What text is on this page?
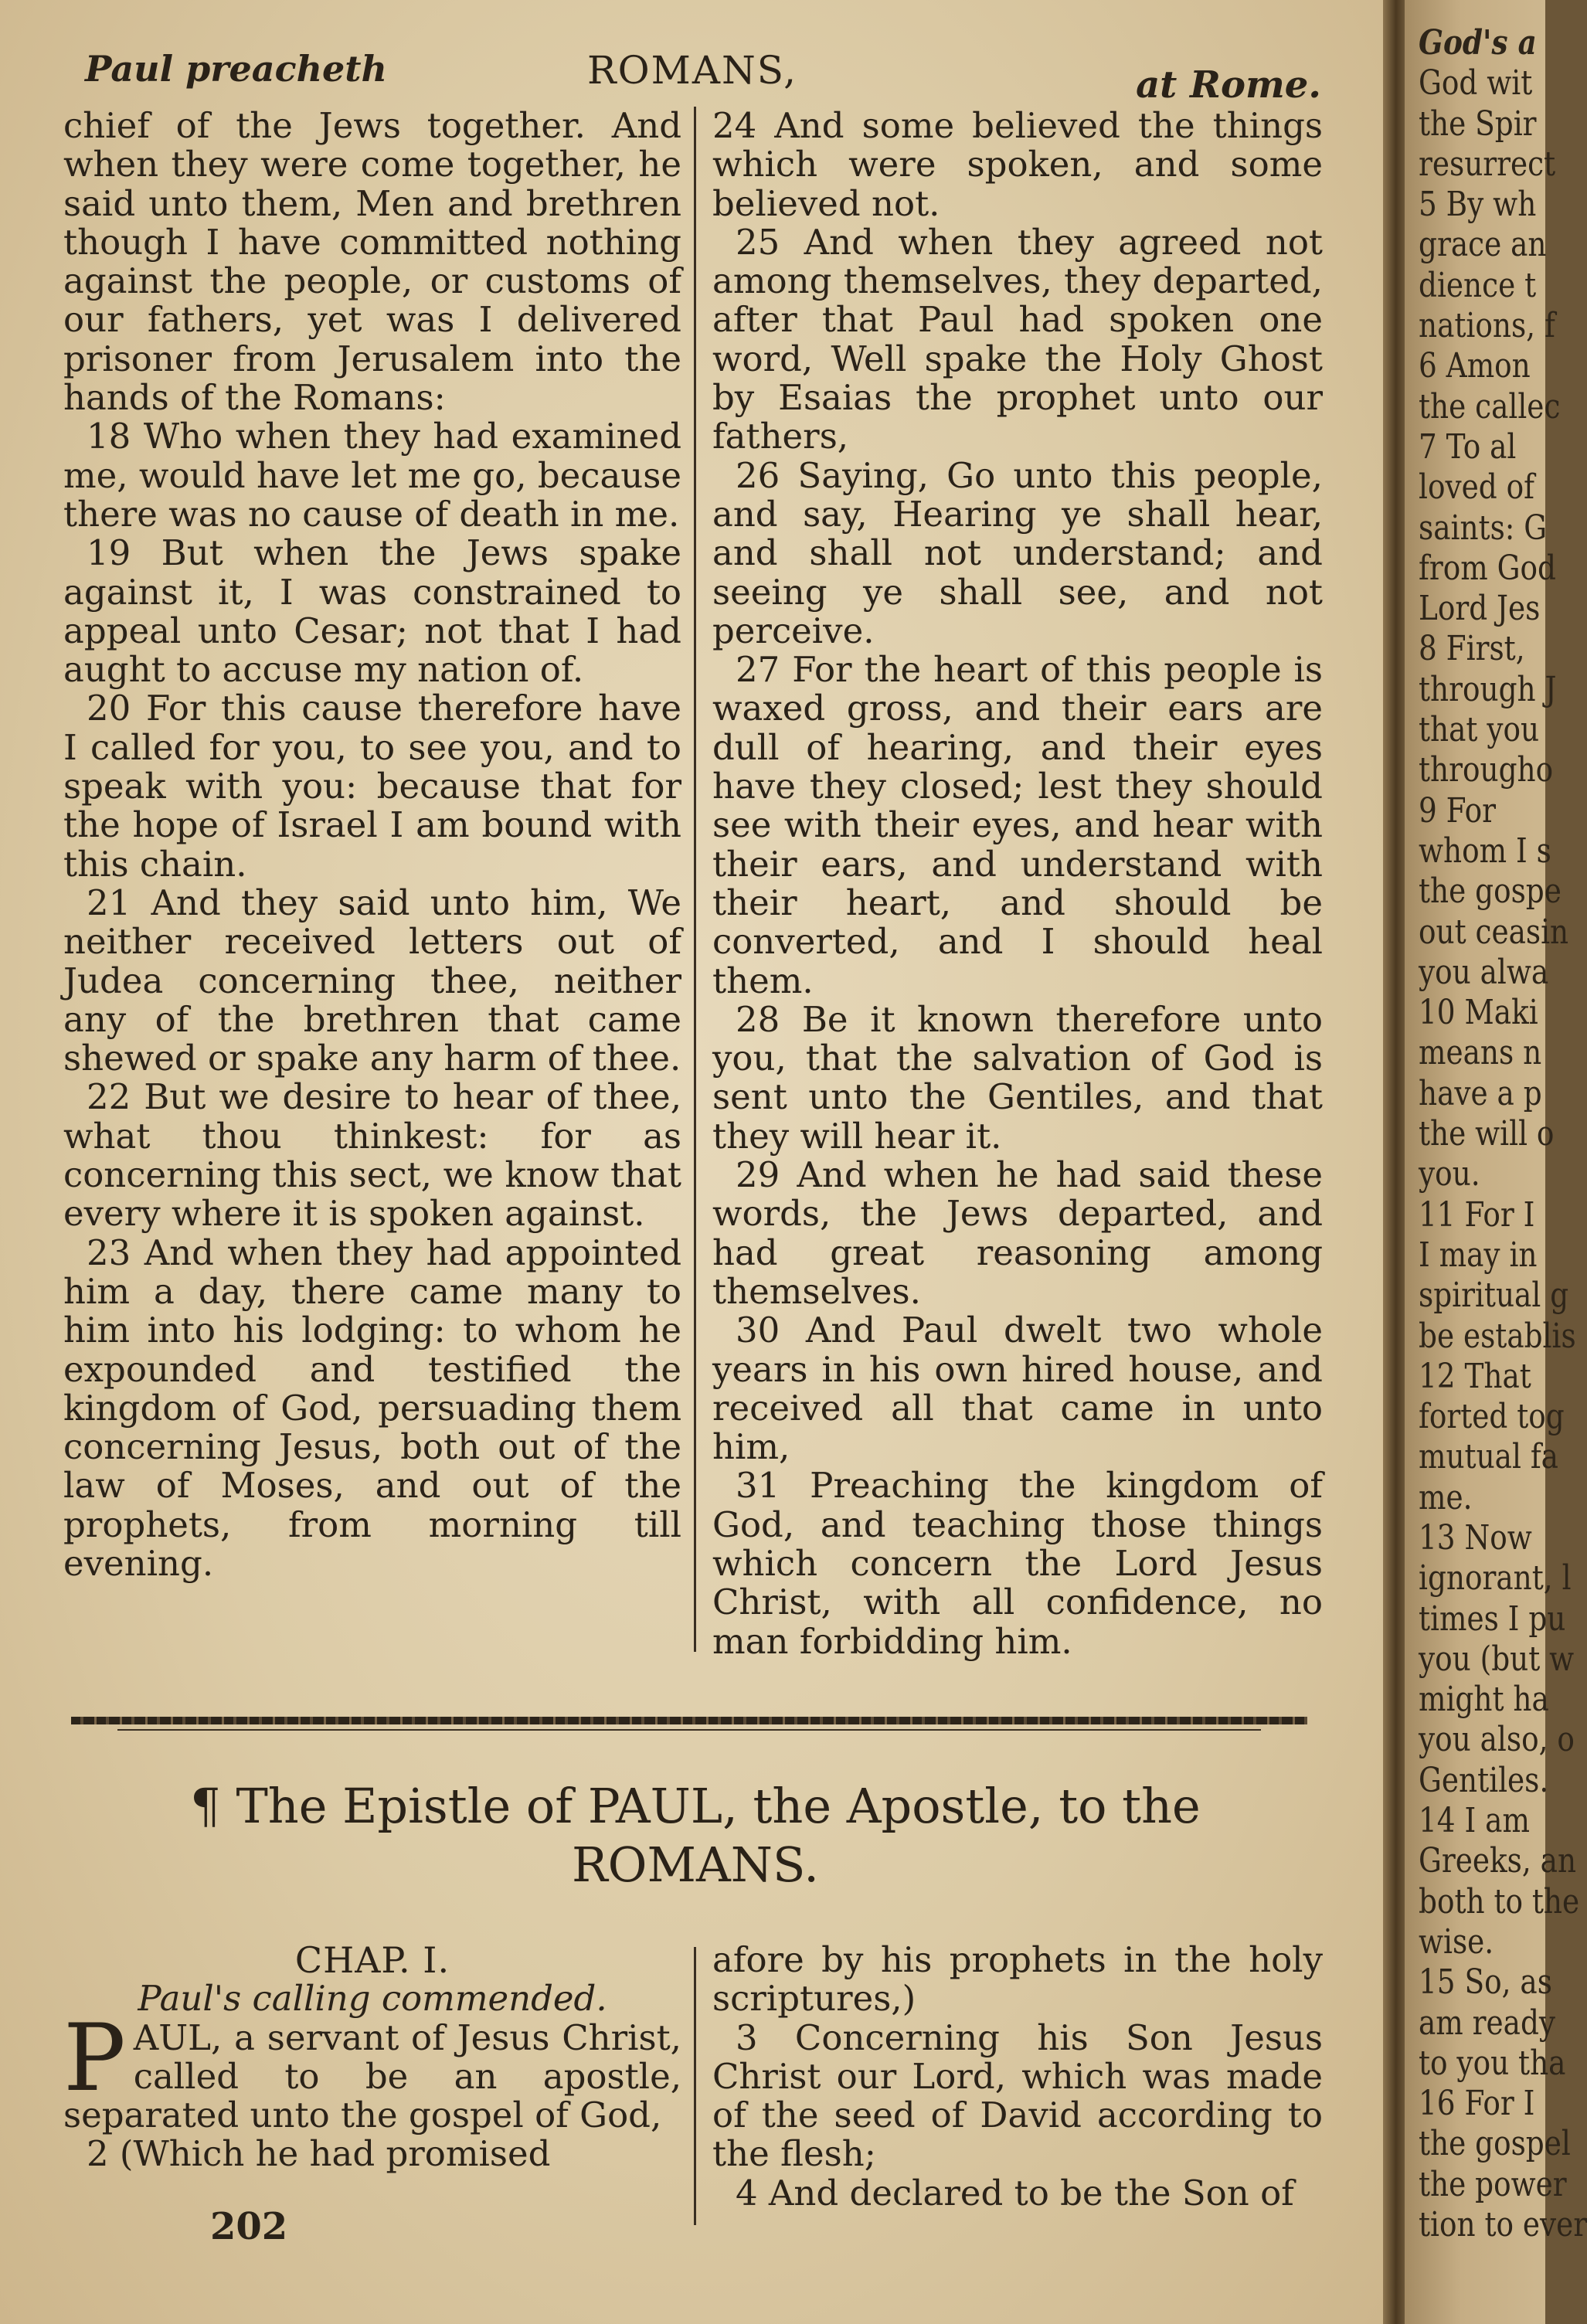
Paul preacheth	ROMANS,	at Rome.

chief of the Jews together. And when they were come together, he said unto them, Men and brethren though I have committed nothing against the people, or customs of our fathers, yet was I delivered prisoner from Jerusalem into the hands of the Romans:

18 Who when they had examined me, would have let me go, because there was no cause of death in me.

19 But when the Jews spake against it, I was constrained to appeal unto Cesar; not that I had aught to accuse my nation of.

20 For this cause therefore have I called for you, to see you, and to speak with you: because that for the hope of Israel I am bound with this chain.

21 And they said unto him, We neither received letters out of Judea concerning thee, neither any of the brethren that came shewed or spake any harm of thee.

22 But we desire to hear of thee, what thou thinkest: for as concerning this sect, we know that every where it is spoken against.

23 And when they had appointed him a day, there came many to him into his lodging: to whom he expounded and testified the kingdom of God, persuading them concerning Jesus, both out of the law of Moses, and out of the prophets, from morning till evening.

24 And some believed the things which were spoken, and some believed not.

25 And when they agreed not among themselves, they departed, after that Paul had spoken one word, Well spake the Holy Ghost by Esaias the prophet unto our fathers,

26 Saying, Go unto this people, and say, Hearing ye shall hear, and shall not understand; and seeing ye shall see, and not perceive.

27 For the heart of this people is waxed gross, and their ears are dull of hearing, and their eyes have they closed; lest they should see with their eyes, and hear with their ears, and understand with their heart, and should be converted, and I should heal them.

28 Be it known therefore unto you, that the salvation of God is sent unto the Gentiles, and that they will hear it.

29 And when he had said these words, the Jews departed, and had great reasoning among themselves.

30 And Paul dwelt two whole years in his own hired house, and received all that came in unto him,

31 Preaching the kingdom of God, and teaching those things which concern the Lord Jesus Christ, with all confidence, no man forbidding him.

¶ The Epistle of PAUL, the Apostle, to the
ROMANS.

CHAP. I.

Paul's calling commended.

PAUL, a servant of Jesus Christ, called to be an apostle, separated unto the gospel of God,

2 (Which he had promised

afore by his prophets in the holy scriptures,)

3 Concerning his Son Jesus Christ our Lord, which was made of the seed of David according to the flesh;

4 And declared to be the Son of

202
God's a
God wit
the Spir
resurrect
5 By wh
grace an
dience t
nations, f
6 Amon
the callec
7 To al
loved of
saints: G
from God
Lord Jes
8 First,
through J
that you
througho
9 For
whom I s
the gospe
out ceasin
you alwa
10 Maki
means n
have a p
the will o
you.
11 For I
I may in
spiritual g
be establis
12 That
forted tog
mutual fa
me.
13 Now
ignorant, l
times I pu
you (but w
might ha
you also, o
Gentiles.
14 I am
Greeks, an
both to the
wise.
15 So, as
am ready
to you tha
16 For I
the gospel
the power
tion to ever
